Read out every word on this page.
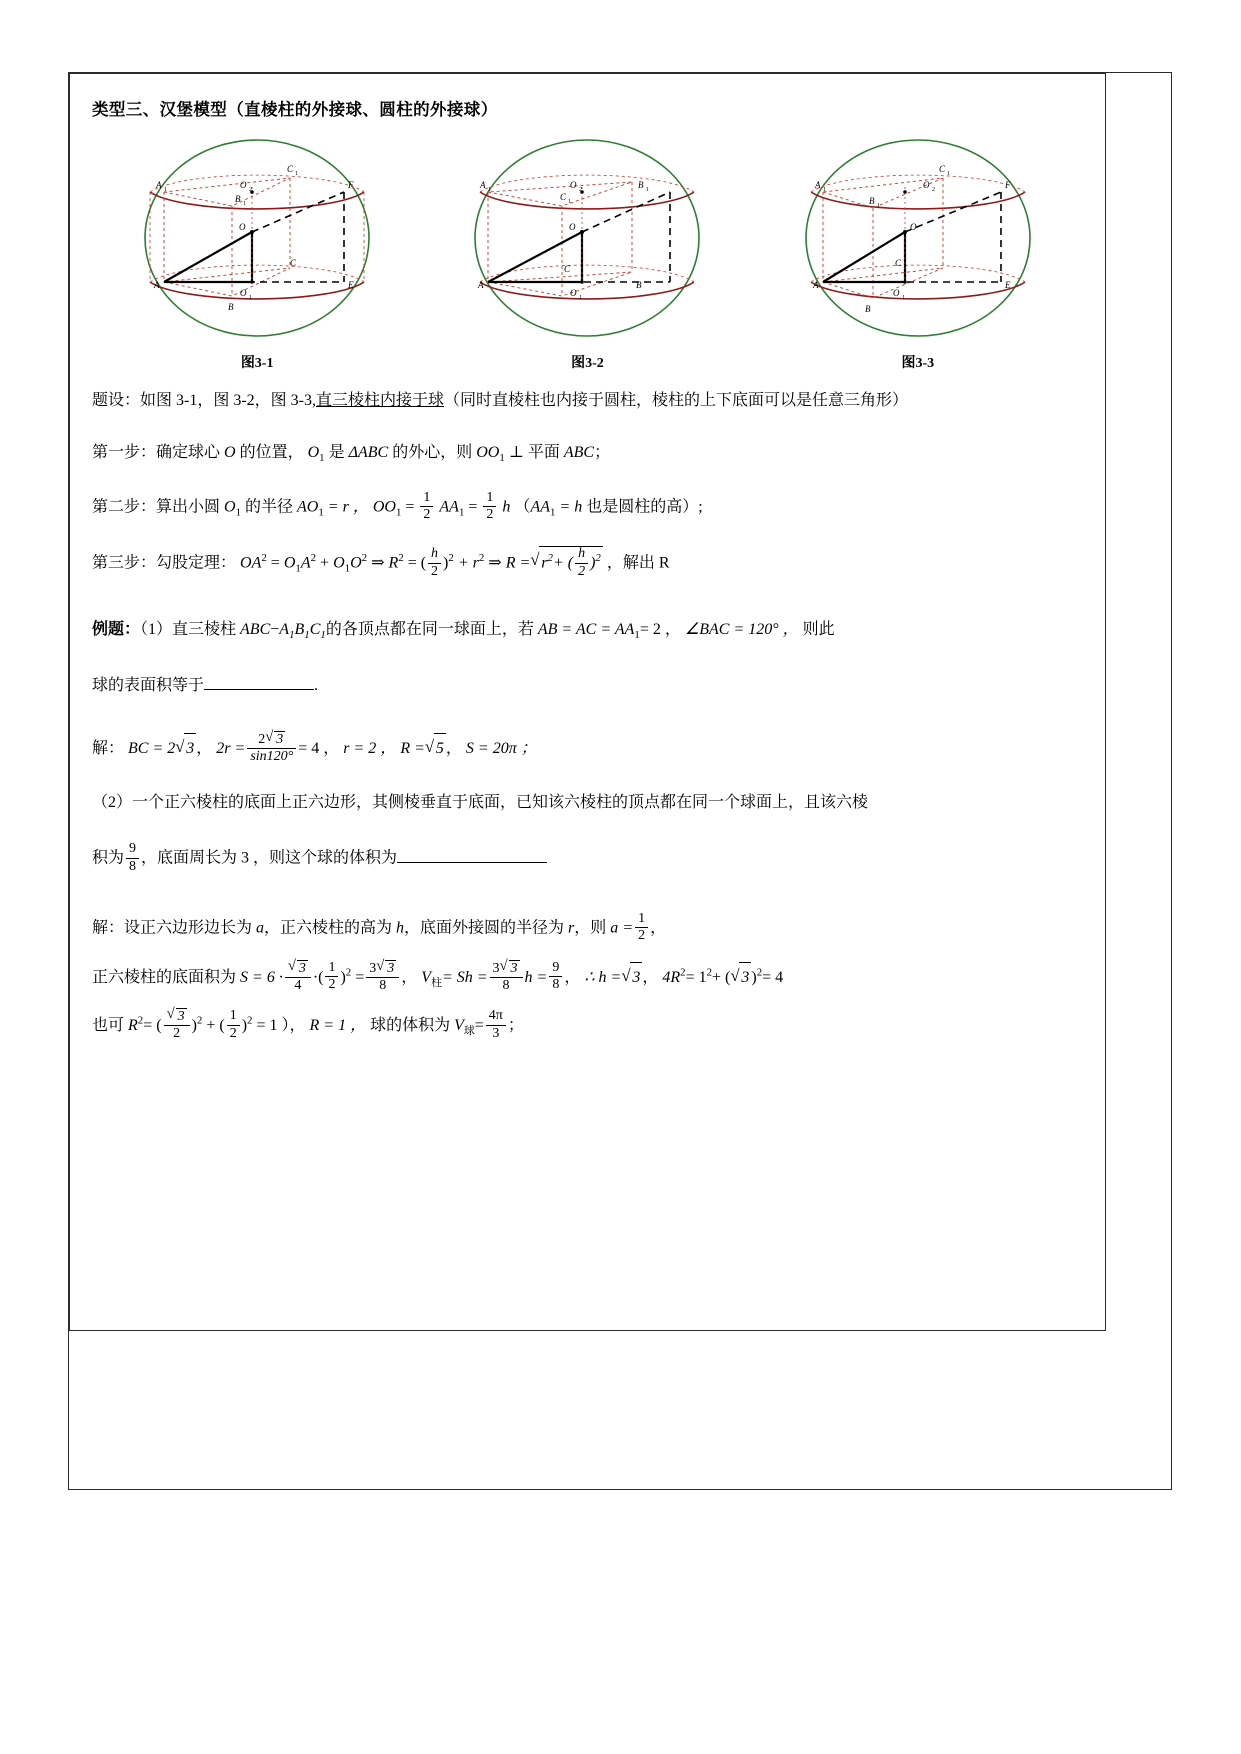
类型三、汉堡模型（直棱柱的外接球、圆柱的外接球）
A 1
B 1
C 1
O 2
O
O 1
A
B
C
E
F
图3-1
A 1	B 1
C 1
O 2
O
O 1
A	B
C
图3-2
A 1
B 1
C 1
O 2
O
O 1
A
B
C
E
F
图3-3

题设：如图 3-1，图 3-2，图 3-3,直三棱柱内接于球（同时直棱柱也内接于圆柱，棱柱的上下底面可以是任意三角形）

第一步：确定球心 O 的位置， $O_1$ 是 ΔABC 的外心，则 $OO_1$ ⊥ 平面 ABC；

第二步：算出小圆 $O_1$ 的半径 $AO_1 = r$ ， $OO_1 = \frac{1}{2} AA_1 = \frac{1}{2}$ h （$AA_1 = h$ 也是圆柱的高）;

第三步：勾股定理： $OA^2 = O_1A^2 + O_1O^2$ ⇒ $R^2$ = ( $\frac{h}{2} )^2 + r^2$ ⇒ R = √ $r^2+$ ( $\frac{h}{2} )^2$ ，解出 R

例题：（1）直三棱柱 $ABC-A_1B_1C_1$的各顶点都在同一球面上，若 AB = AC = $AA_1= 2$ ， ∠BAC = 120° ， 则此

球的表面积等于	.

解： BC = 2 √ 3 ， $2r = \frac{2 √ 3}{\sin 120^\circ} = 4$ ， r = 2 ， R = √ 5 ， S = 20π ；

（2）一个正六棱柱的底面上正六边形，其侧棱垂直于底面，已知该六棱柱的顶点都在同一个球面上，且该六棱

积为 $\frac{9}{8}$ ，底面周长为 3 ，则这个球的体积为

解：设正六边形边长为 a，正六棱柱的高为 h，底面外接圆的半径为 r，则 $a = \frac{1}{2}$ ，

正六棱柱的底面积为 S = 6 · √ $\frac{3}{4}$ ·( $\frac{1}{2} )^2 = \frac{3 √ 3}{8}$ ， $V_柱= Sh = \frac{3 √ 3}{8}$ $h = \frac{9}{8}$ ， ∴ h = √ 3 ， $4R^2= 1^2+$ ( √ 3 )$^2$= 4

也可 $R^2=$ ( √ $\frac{3}{2} )^2$ + ( $\frac{1}{2} )^2 = 1$ ）， R = 1 ， 球的体积为 $V_球= \frac{4\pi}{3}$ ；
